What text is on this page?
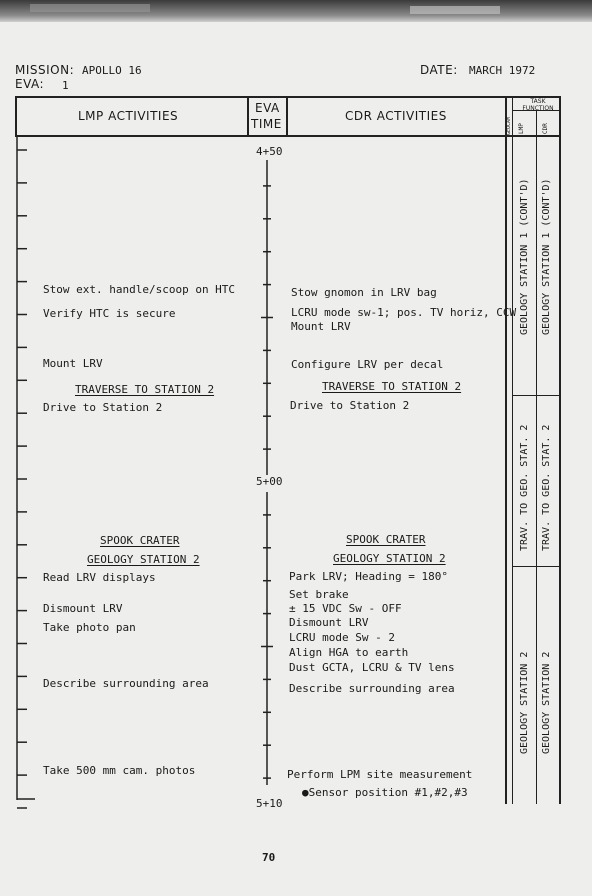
MISSION: APOLLO 16
EVA: 1
DATE: MARCH 1972
LMP ACTIVITIES
EVA
TIME
CDR ACTIVITIES
GEOCAM
TASK FUNCTION
LMP	CDR
4+50
5+00
5+10
Stow ext. handle/scoop on HTC
Verify HTC is secure
Mount LRV
TRAVERSE TO STATION 2
Drive to Station 2
SPOOK CRATER
GEOLOGY STATION 2
Read LRV displays
Dismount LRV
Take photo pan
Describe surrounding area
Take 500 mm cam. photos
Stow gnomon in LRV bag
LCRU mode sw-1; pos. TV horiz, CCW
Mount LRV
Configure LRV per decal
TRAVERSE TO STATION 2
Drive to Station 2
SPOOK CRATER
GEOLOGY STATION 2
Park LRV; Heading = 180°
Set brake
± 15 VDC Sw - OFF
Dismount LRV
LCRU mode Sw - 2
Align HGA to earth
Dust GCTA, LCRU & TV lens
Describe surrounding area
Perform LPM site measurement
●Sensor position #1,#2,#3
GEOLOGY STATION 1 (CONT'D)
TRAV. TO GEO. STAT. 2
GEOLOGY STATION 2
GEOLOGY STATION 1 (CONT'D)
TRAV. TO GEO. STAT. 2
GEOLOGY STATION 2
70
